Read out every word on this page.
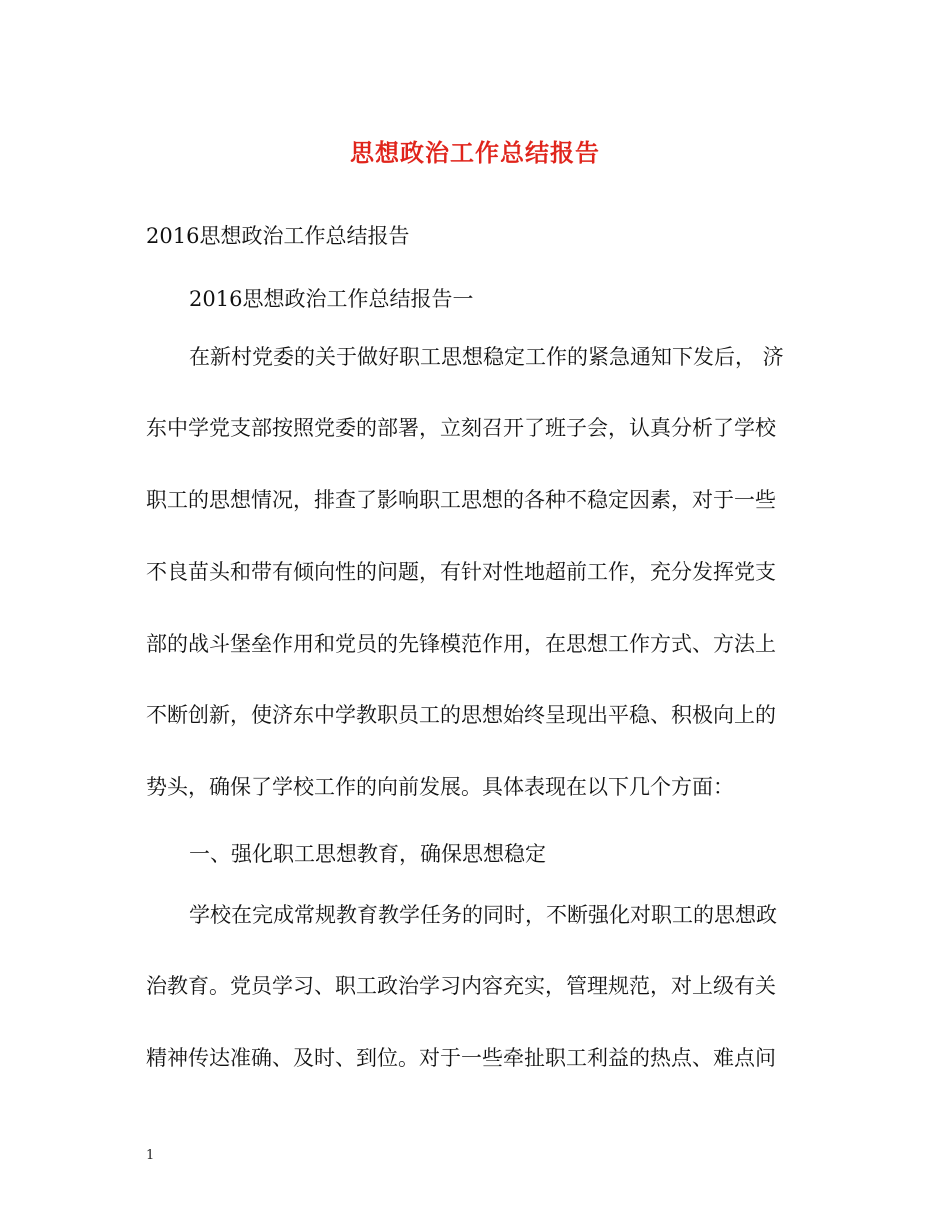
思想政治工作总结报告
2016思想政治工作总结报告
2016思想政治工作总结报告一
在新村党委的关于做好职工思想稳定工作的紧急通知下发后， 济
东中学党支部按照党委的部署，立刻召开了班子会，认真分析了学校
职工的思想情况，排查了影响职工思想的各种不稳定因素，对于一些
不良苗头和带有倾向性的问题，有针对性地超前工作，充分发挥党支
部的战斗堡垒作用和党员的先锋模范作用，在思想工作方式、方法上
不断创新，使济东中学教职员工的思想始终呈现出平稳、积极向上的
势头，确保了学校工作的向前发展。具体表现在以下几个方面：
一、强化职工思想教育，确保思想稳定
学校在完成常规教育教学任务的同时，不断强化对职工的思想政
治教育。党员学习、职工政治学习内容充实，管理规范，对上级有关
精神传达准确、及时、到位。对于一些牵扯职工利益的热点、难点问
1
